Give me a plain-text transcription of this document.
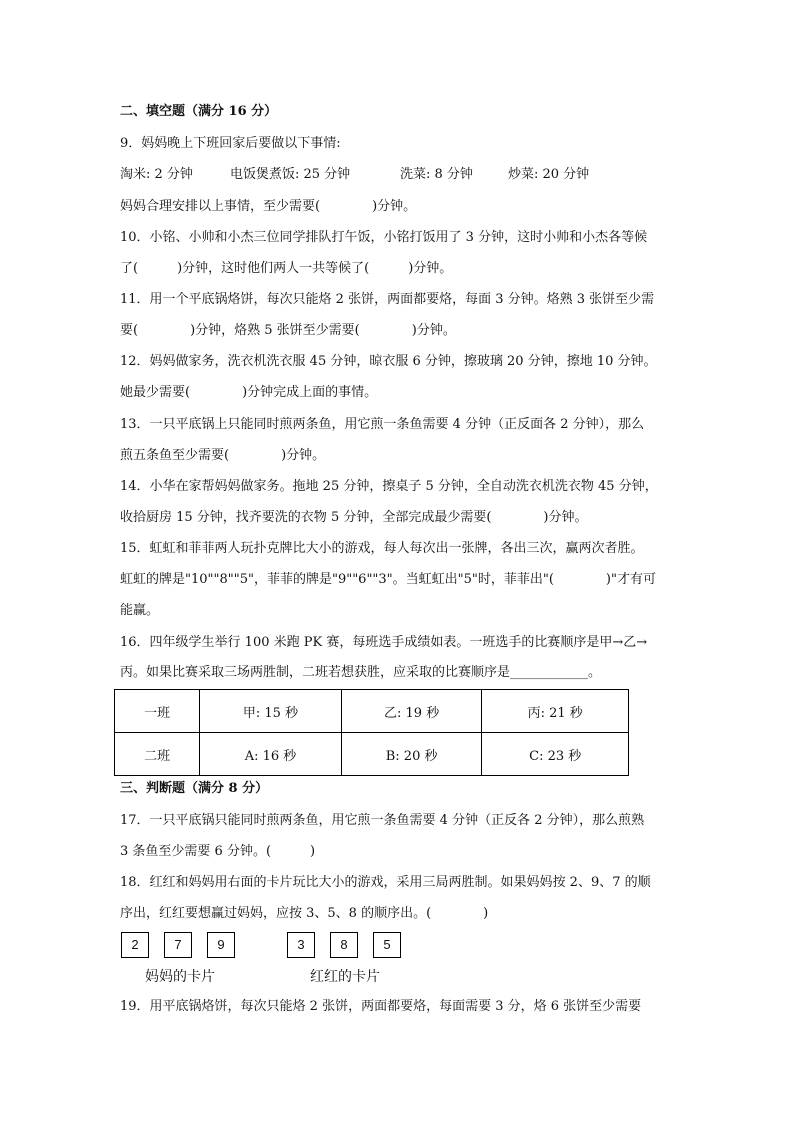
二、填空题（满分 16 分）
9．妈妈晚上下班回家后要做以下事情:
淘米: 2 分钟	电饭煲煮饭: 25 分钟	洗菜: 8 分钟	炒菜: 20 分钟
妈妈合理安排以上事情，至少需要(　　　　)分钟。
10．小铭、小帅和小杰三位同学排队打午饭，小铭打饭用了 3 分钟，这时小帅和小杰各等候
了(　　　)分钟，这时他们两人一共等候了(　　　)分钟。
11．用一个平底锅烙饼，每次只能烙 2 张饼，两面都要烙，每面 3 分钟。烙熟 3 张饼至少需
要(　　　　)分钟，烙熟 5 张饼至少需要(　　　　)分钟。
12．妈妈做家务，洗衣机洗衣服 45 分钟，晾衣服 6 分钟，擦玻璃 20 分钟，擦地 10 分钟。
她最少需要(　　　　)分钟完成上面的事情。
13．一只平底锅上只能同时煎两条鱼，用它煎一条鱼需要 4 分钟（正反面各 2 分钟），那么
煎五条鱼至少需要(　　　　)分钟。
14．小华在家帮妈妈做家务。拖地 25 分钟，擦桌子 5 分钟，全自动洗衣机洗衣物 45 分钟，
收拾厨房 15 分钟，找齐要洗的衣物 5 分钟，全部完成最少需要(　　　　)分钟。
15．虹虹和菲菲两人玩扑克牌比大小的游戏，每人每次出一张牌，各出三次，赢两次者胜。
虹虹的牌是"10""8""5"，菲菲的牌是"9""6""3"。当虹虹出"5"时，菲菲出"(　　　　)"才有可
能赢。
16．四年级学生举行 100 米跑 PK 赛，每班选手成绩如表。一班选手的比赛顺序是甲→乙→
丙。如果比赛采取三场两胜制，二班若想获胜，应采取的比赛顺序是____________。
一班	甲: 15 秒	乙: 19 秒	丙: 21 秒
二班	A: 16 秒	B: 20 秒	C: 23 秒
三、判断题（满分 8 分）
17．一只平底锅只能同时煎两条鱼，用它煎一条鱼需要 4 分钟（正反各 2 分钟），那么煎熟
3 条鱼至少需要 6 分钟。(　　　)
18．红红和妈妈用右面的卡片玩比大小的游戏，采用三局两胜制。如果妈妈按 2、9、7 的顺
序出，红红要想赢过妈妈，应按 3、5、8 的顺序出。(　　　　)
2	7	9	3	8	5
妈妈的卡片	红红的卡片
19．用平底锅烙饼，每次只能烙 2 张饼，两面都要烙，每面需要 3 分，烙 6 张饼至少需要
